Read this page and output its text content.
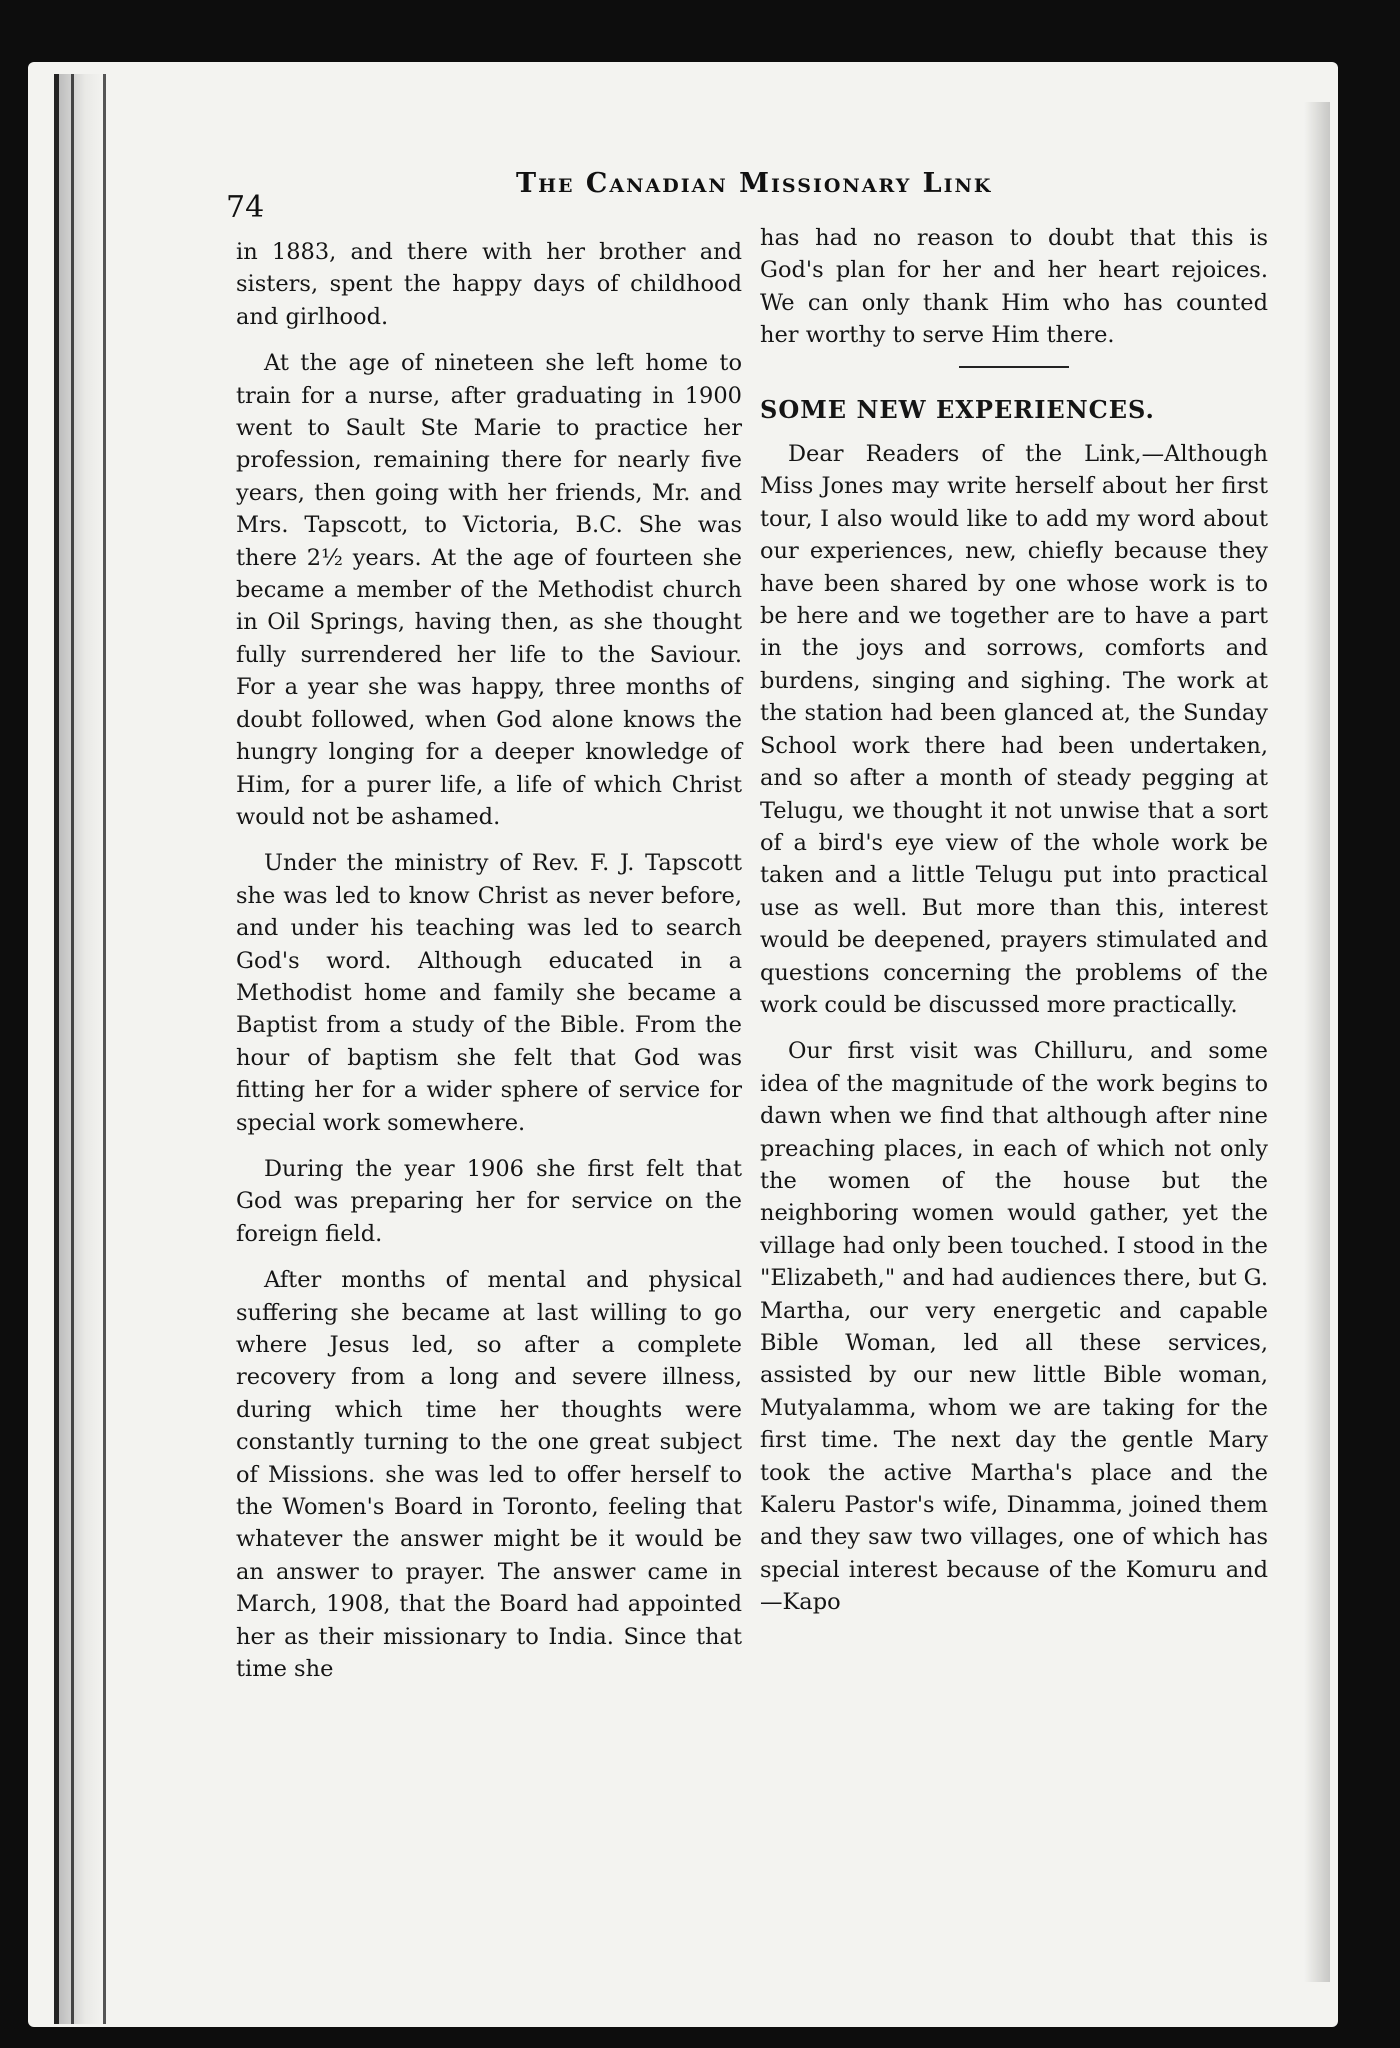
74
The Canadian Missionary Link

in 1883, and there with her brother and sisters, spent the happy days of childhood and girlhood.

At the age of nineteen she left home to train for a nurse, after graduating in 1900 went to Sault Ste Marie to practice her profession, remaining there for nearly five years, then going with her friends, Mr. and Mrs. Tapscott, to Victoria, B.C. She was there 2½ years. At the age of fourteen she became a member of the Methodist church in Oil Springs, having then, as she thought fully surrendered her life to the Saviour. For a year she was happy, three months of doubt followed, when God alone knows the hungry longing for a deeper knowledge of Him, for a purer life, a life of which Christ would not be ashamed.

Under the ministry of Rev. F. J. Tapscott she was led to know Christ as never before, and under his teaching was led to search God's word. Although educated in a Methodist home and family she became a Baptist from a study of the Bible. From the hour of baptism she felt that God was fitting her for a wider sphere of service for special work somewhere.

During the year 1906 she first felt that God was preparing her for service on the foreign field.

After months of mental and physical suffering she became at last willing to go where Jesus led, so after a complete recovery from a long and severe illness, during which time her thoughts were constantly turning to the one great subject of Missions. she was led to offer herself to the Women's Board in Toronto, feeling that whatever the answer might be it would be an answer to prayer. The answer came in March, 1908, that the Board had appointed her as their missionary to India. Since that time she

has had no reason to doubt that this is God's plan for her and her heart rejoices. We can only thank Him who has counted her worthy to serve Him there.

SOME NEW EXPERIENCES.

Dear Readers of the Link,—Although Miss Jones may write herself about her first tour, I also would like to add my word about our experiences, new, chiefly because they have been shared by one whose work is to be here and we together are to have a part in the joys and sorrows, comforts and burdens, singing and sighing. The work at the station had been glanced at, the Sunday School work there had been undertaken, and so after a month of steady pegging at Telugu, we thought it not unwise that a sort of a bird's eye view of the whole work be taken and a little Telugu put into practical use as well. But more than this, interest would be deepened, prayers stimulated and questions concerning the problems of the work could be discussed more practically.

Our first visit was Chilluru, and some idea of the magnitude of the work begins to dawn when we find that although after nine preaching places, in each of which not only the women of the house but the neighboring women would gather, yet the village had only been touched. I stood in the "Elizabeth," and had audiences there, but G. Martha, our very energetic and capable Bible Woman, led all these services, assisted by our new little Bible woman, Mutyalamma, whom we are taking for the first time. The next day the gentle Mary took the active Martha's place and the Kaleru Pastor's wife, Dinamma, joined them and they saw two villages, one of which has special interest because of the Komuru and—Kapo
